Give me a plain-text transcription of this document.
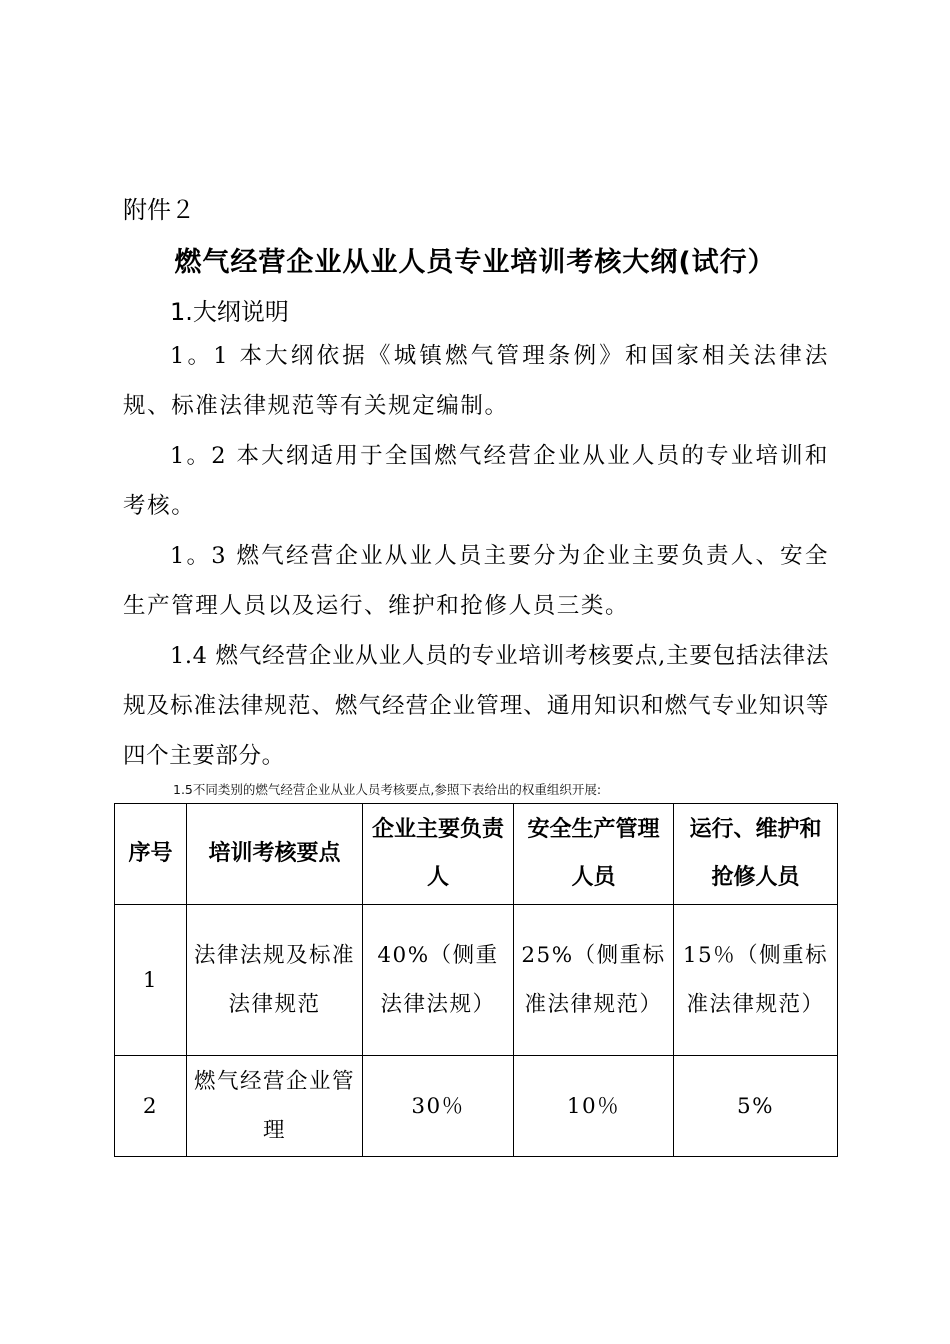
附件２
燃气经营企业从业人员专业培训考核大纲(试行）
1.大纲说明

1。1 本大纲依据《城镇燃气管理条例》和国家相关法律法规、标准法律规范等有关规定编制。

1。2 本大纲适用于全国燃气经营企业从业人员的专业培训和考核。

1。3 燃气经营企业从业人员主要分为企业主要负责人、安全生产管理人员以及运行、维护和抢修人员三类。

1.4 燃气经营企业从业人员的专业培训考核要点,主要包括法律法规及标准法律规范、燃气经营企业管理、通用知识和燃气专业知识等四个主要部分。

1.5不同类别的燃气经营企业从业人员考核要点,参照下表给出的权重组织开展:
序号	培训考核要点	企业主要负责人	安全生产管理人员	运行、维护和抢修人员
1	法律法规及标准法律规范	40%（侧重法律法规）	25%（侧重标准法律规范）	15％（侧重标准法律规范）
2	燃气经营企业管理	30％	10％	5%
